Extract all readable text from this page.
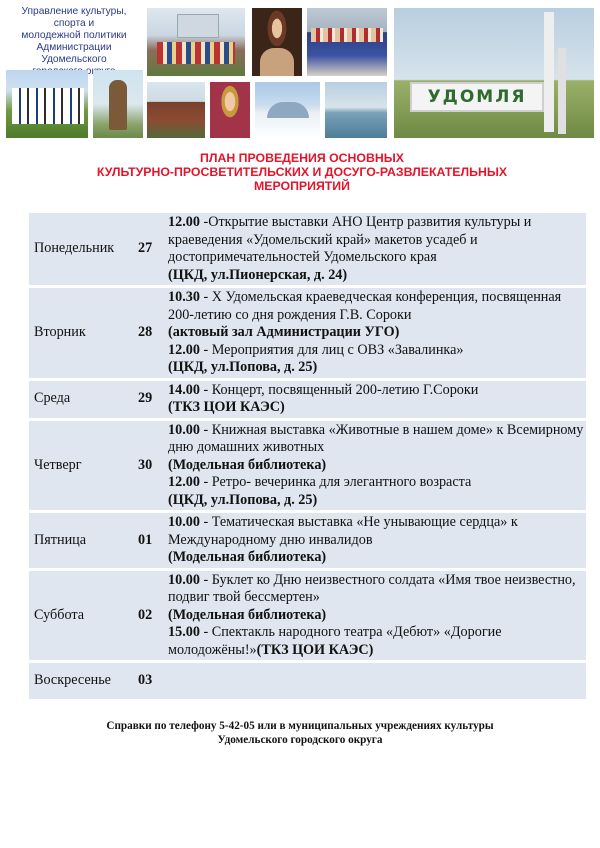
Управление культуры, спорта и
молодежной политики
Администрации Удомельского
УДОМЛЯ
ПЛАН ПРОВЕДЕНИЯ ОСНОВНЫХ
КУЛЬТУРНО-ПРОСВЕТИТЕЛЬСКИХ И ДОСУГО-РАЗВЛЕКАТЕЛЬНЫХ
МЕРОПРИЯТИЙ
Понедельник	27	12.00 -Открытие выставки АНО Центр развития культуры и краеведения «Удомельский край» макетов усадеб и достопримечательностей Удомельского края
(ЦКД, ул.Пионерская, д. 24)

Вторник	28	10.30 - X Удомельская краеведческая конференция, посвященная 200-летию со дня рождения Г.В. Сороки
(актовый зал Администрации УГО)
12.00 - Мероприятия для лиц с ОВЗ «Завалинка»
(ЦКД, ул.Попова, д. 25)

Среда	29	14.00 - Концерт, посвященный 200-летию Г.Сороки
(ТКЗ ЦОИ КАЭС)

Четверг	30	10.00 - Книжная выставка «Животные в нашем доме» к Всемирному дню домашних животных
(Модельная библиотека)
12.00 - Ретро- вечеринка для элегантного возраста
(ЦКД, ул.Попова, д. 25)

Пятница	01	10.00 - Тематическая выставка «Не унывающие сердца» к Международному дню инвалидов
(Модельная библиотека)

Суббота	02	10.00 - Буклет ко Дню неизвестного солдата «Имя твое неизвестно, подвиг твой бессмертен»
(Модельная библиотека)
15.00 - Спектакль народного театра «Дебют» «Дорогие молодожёны!»(ТКЗ ЦОИ КАЭС)

Воскресенье	03	
Справки по телефону 5-42-05 или в муниципальных учреждениях культуры
Удомельского городского округа
